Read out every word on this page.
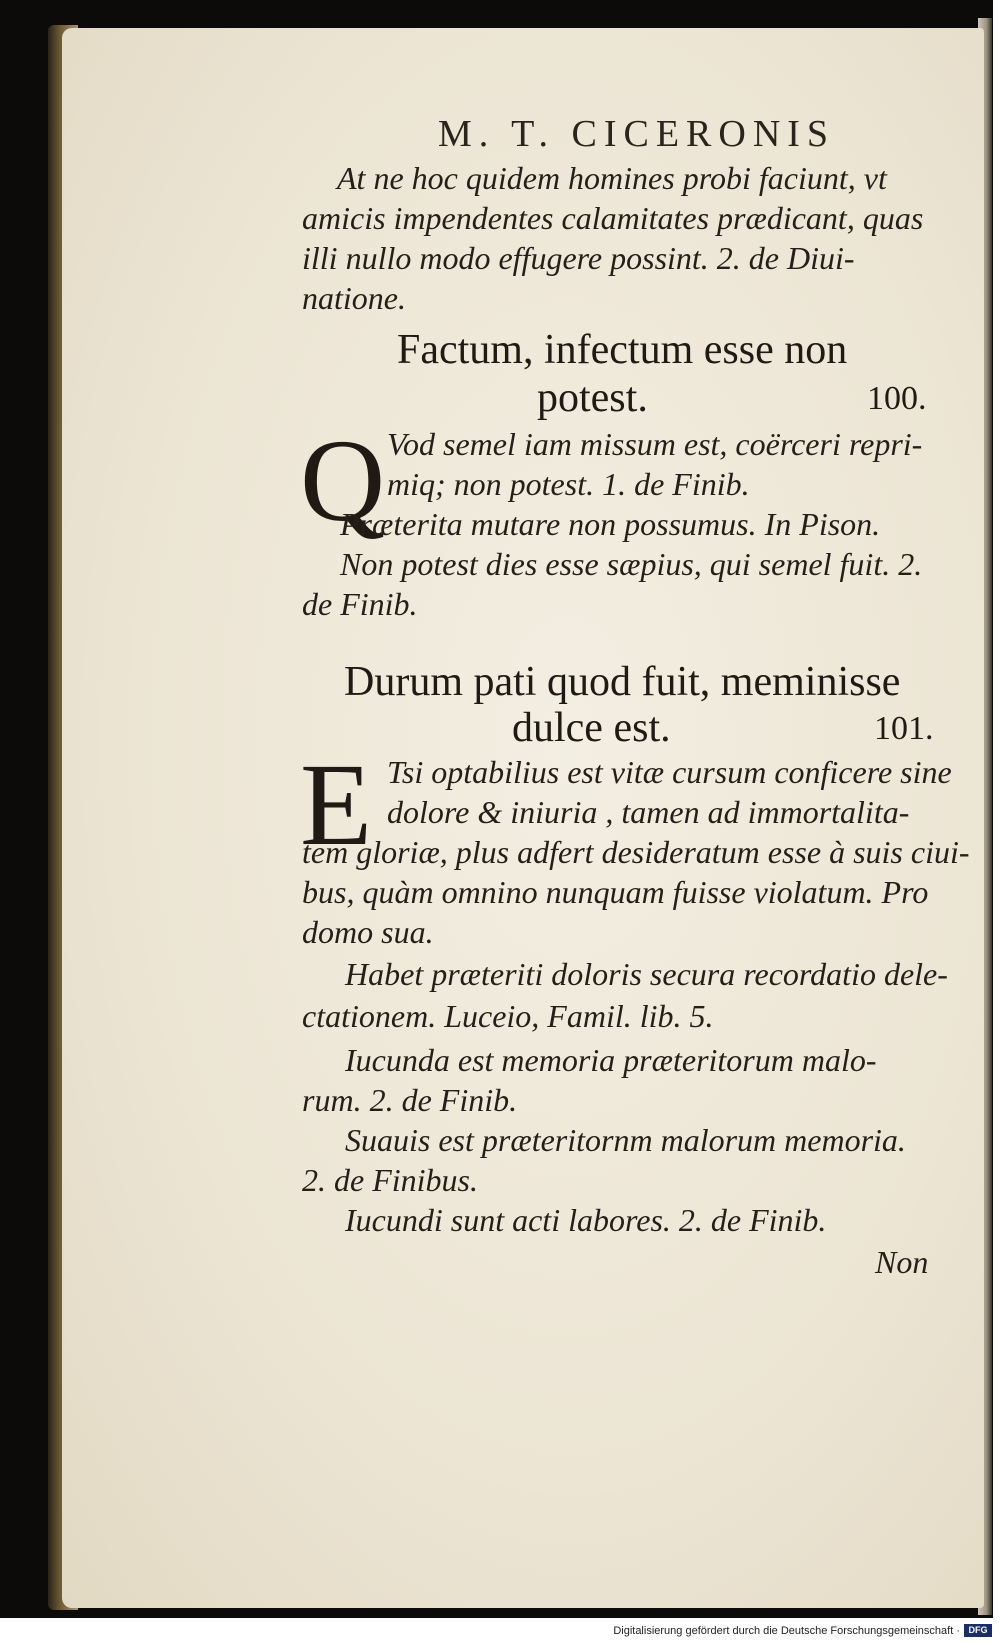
M. T. CICERONIS
At ne hoc quidem homines probi faciunt, vt
amicis impendentes calamitates prædicant, quas
illi nullo modo effugere possint. 2. de Diui-
natione.
Factum, infectum esse non
potest.	100.
Q Vod semel iam missum est, coërceri repri-
miq; non potest. 1. de Finib.
Præterita mutare non possumus. In Pison.
Non potest dies esse sæpius, qui semel fuit. 2.
de Finib.
Durum pati quod fuit, meminisse
dulce est.	101.
E Tsi optabilius est vitæ cursum conficere sine
dolore & iniuria , tamen ad immortalita-
tem gloriæ, plus adfert desideratum esse à suis ciui-
bus, quàm omnino nunquam fuisse violatum. Pro
domo sua.
Habet præteriti doloris secura recordatio dele-
ctationem. Luceio, Famil. lib. 5.
Iucunda est memoria præteritorum malo-
rum. 2. de Finib.
Suauis est præteritornm malorum memoria.
2. de Finibus.
Iucundi sunt acti labores. 2. de Finib.
Non
Digitalisierung gefördert durch die Deutsche Forschungsgemeinschaft · DFG
